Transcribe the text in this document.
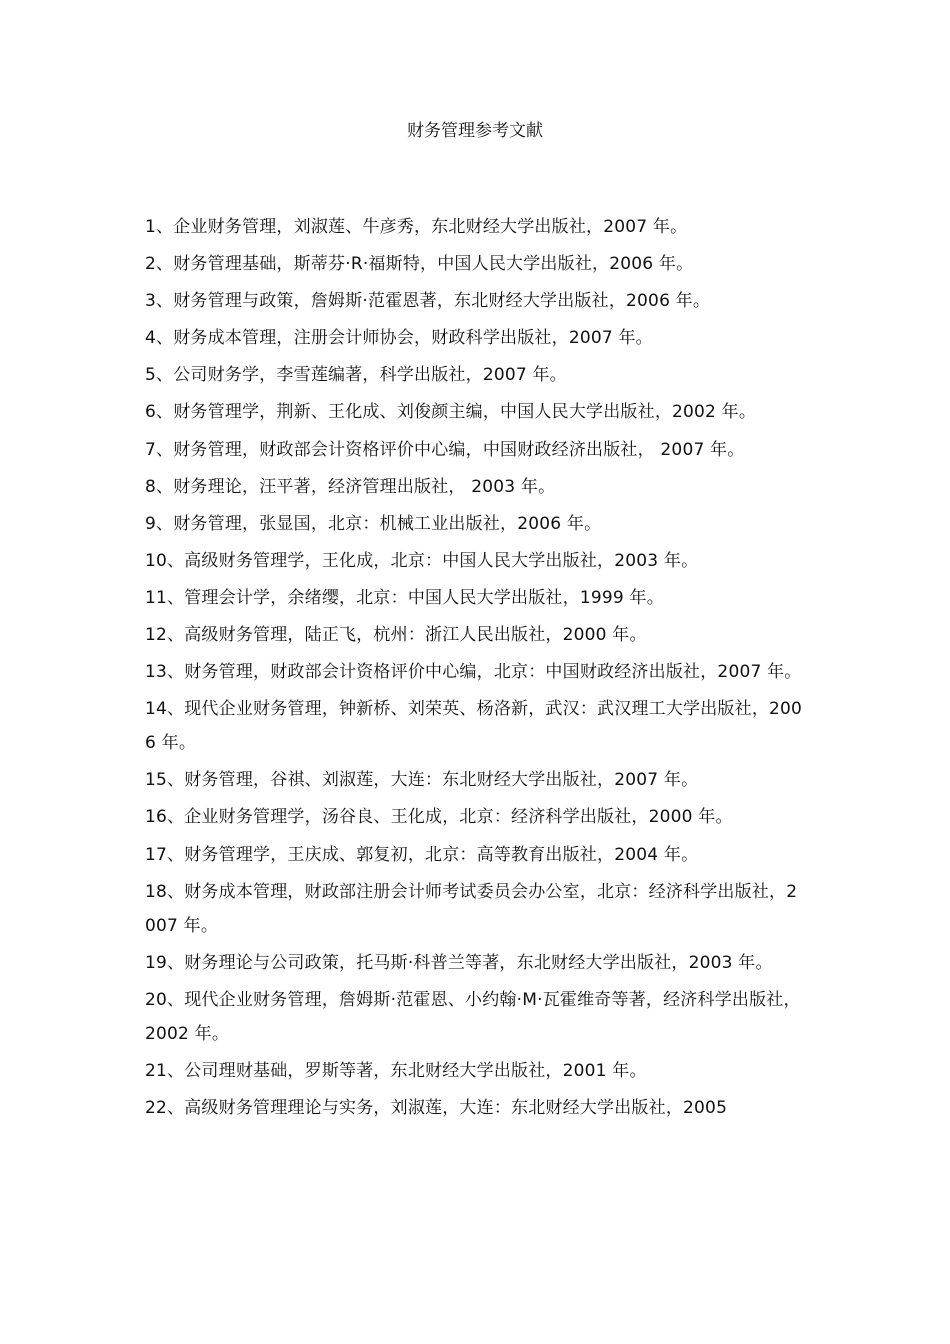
财务管理参考文献
1、企业财务管理，刘淑莲、牛彦秀，东北财经大学出版社，2007 年。
2、财务管理基础，斯蒂芬·R·福斯特，中国人民大学出版社，2006 年。
3、财务管理与政策，詹姆斯·范霍恩著，东北财经大学出版社，2006 年。
4、财务成本管理，注册会计师协会，财政科学出版社，2007 年。
5、公司财务学，李雪莲编著，科学出版社，2007 年。
6、财务管理学，荆新、王化成、刘俊颜主编，中国人民大学出版社，2002 年。
7、财务管理，财政部会计资格评价中心编，中国财政经济出版社， 2007 年。
8、财务理论，汪平著，经济管理出版社， 2003 年。
9、财务管理，张显国，北京：机械工业出版社，2006 年。
10、高级财务管理学，王化成，北京：中国人民大学出版社，2003 年。
11、管理会计学，余绪缨，北京：中国人民大学出版社，1999 年。
12、高级财务管理，陆正飞，杭州：浙江人民出版社，2000 年。
13、财务管理，财政部会计资格评价中心编，北京：中国财政经济出版社，2007 年。
14、现代企业财务管理，钟新桥、刘荣英、杨洛新，武汉：武汉理工大学出版社，2006 年。
15、财务管理，谷祺、刘淑莲，大连：东北财经大学出版社，2007 年。
16、企业财务管理学，汤谷良、王化成，北京：经济科学出版社，2000 年。
17、财务管理学，王庆成、郭复初，北京：高等教育出版社，2004 年。
18、财务成本管理，财政部注册会计师考试委员会办公室，北京：经济科学出版社，2007 年。
19、财务理论与公司政策，托马斯·科普兰等著，东北财经大学出版社，2003 年。
20、现代企业财务管理，詹姆斯·范霍恩、小约翰·M·瓦霍维奇等著，经济科学出版社，2002 年。
21、公司理财基础，罗斯等著，东北财经大学出版社，2001 年。
22、高级财务管理理论与实务，刘淑莲，大连：东北财经大学出版社，2005
